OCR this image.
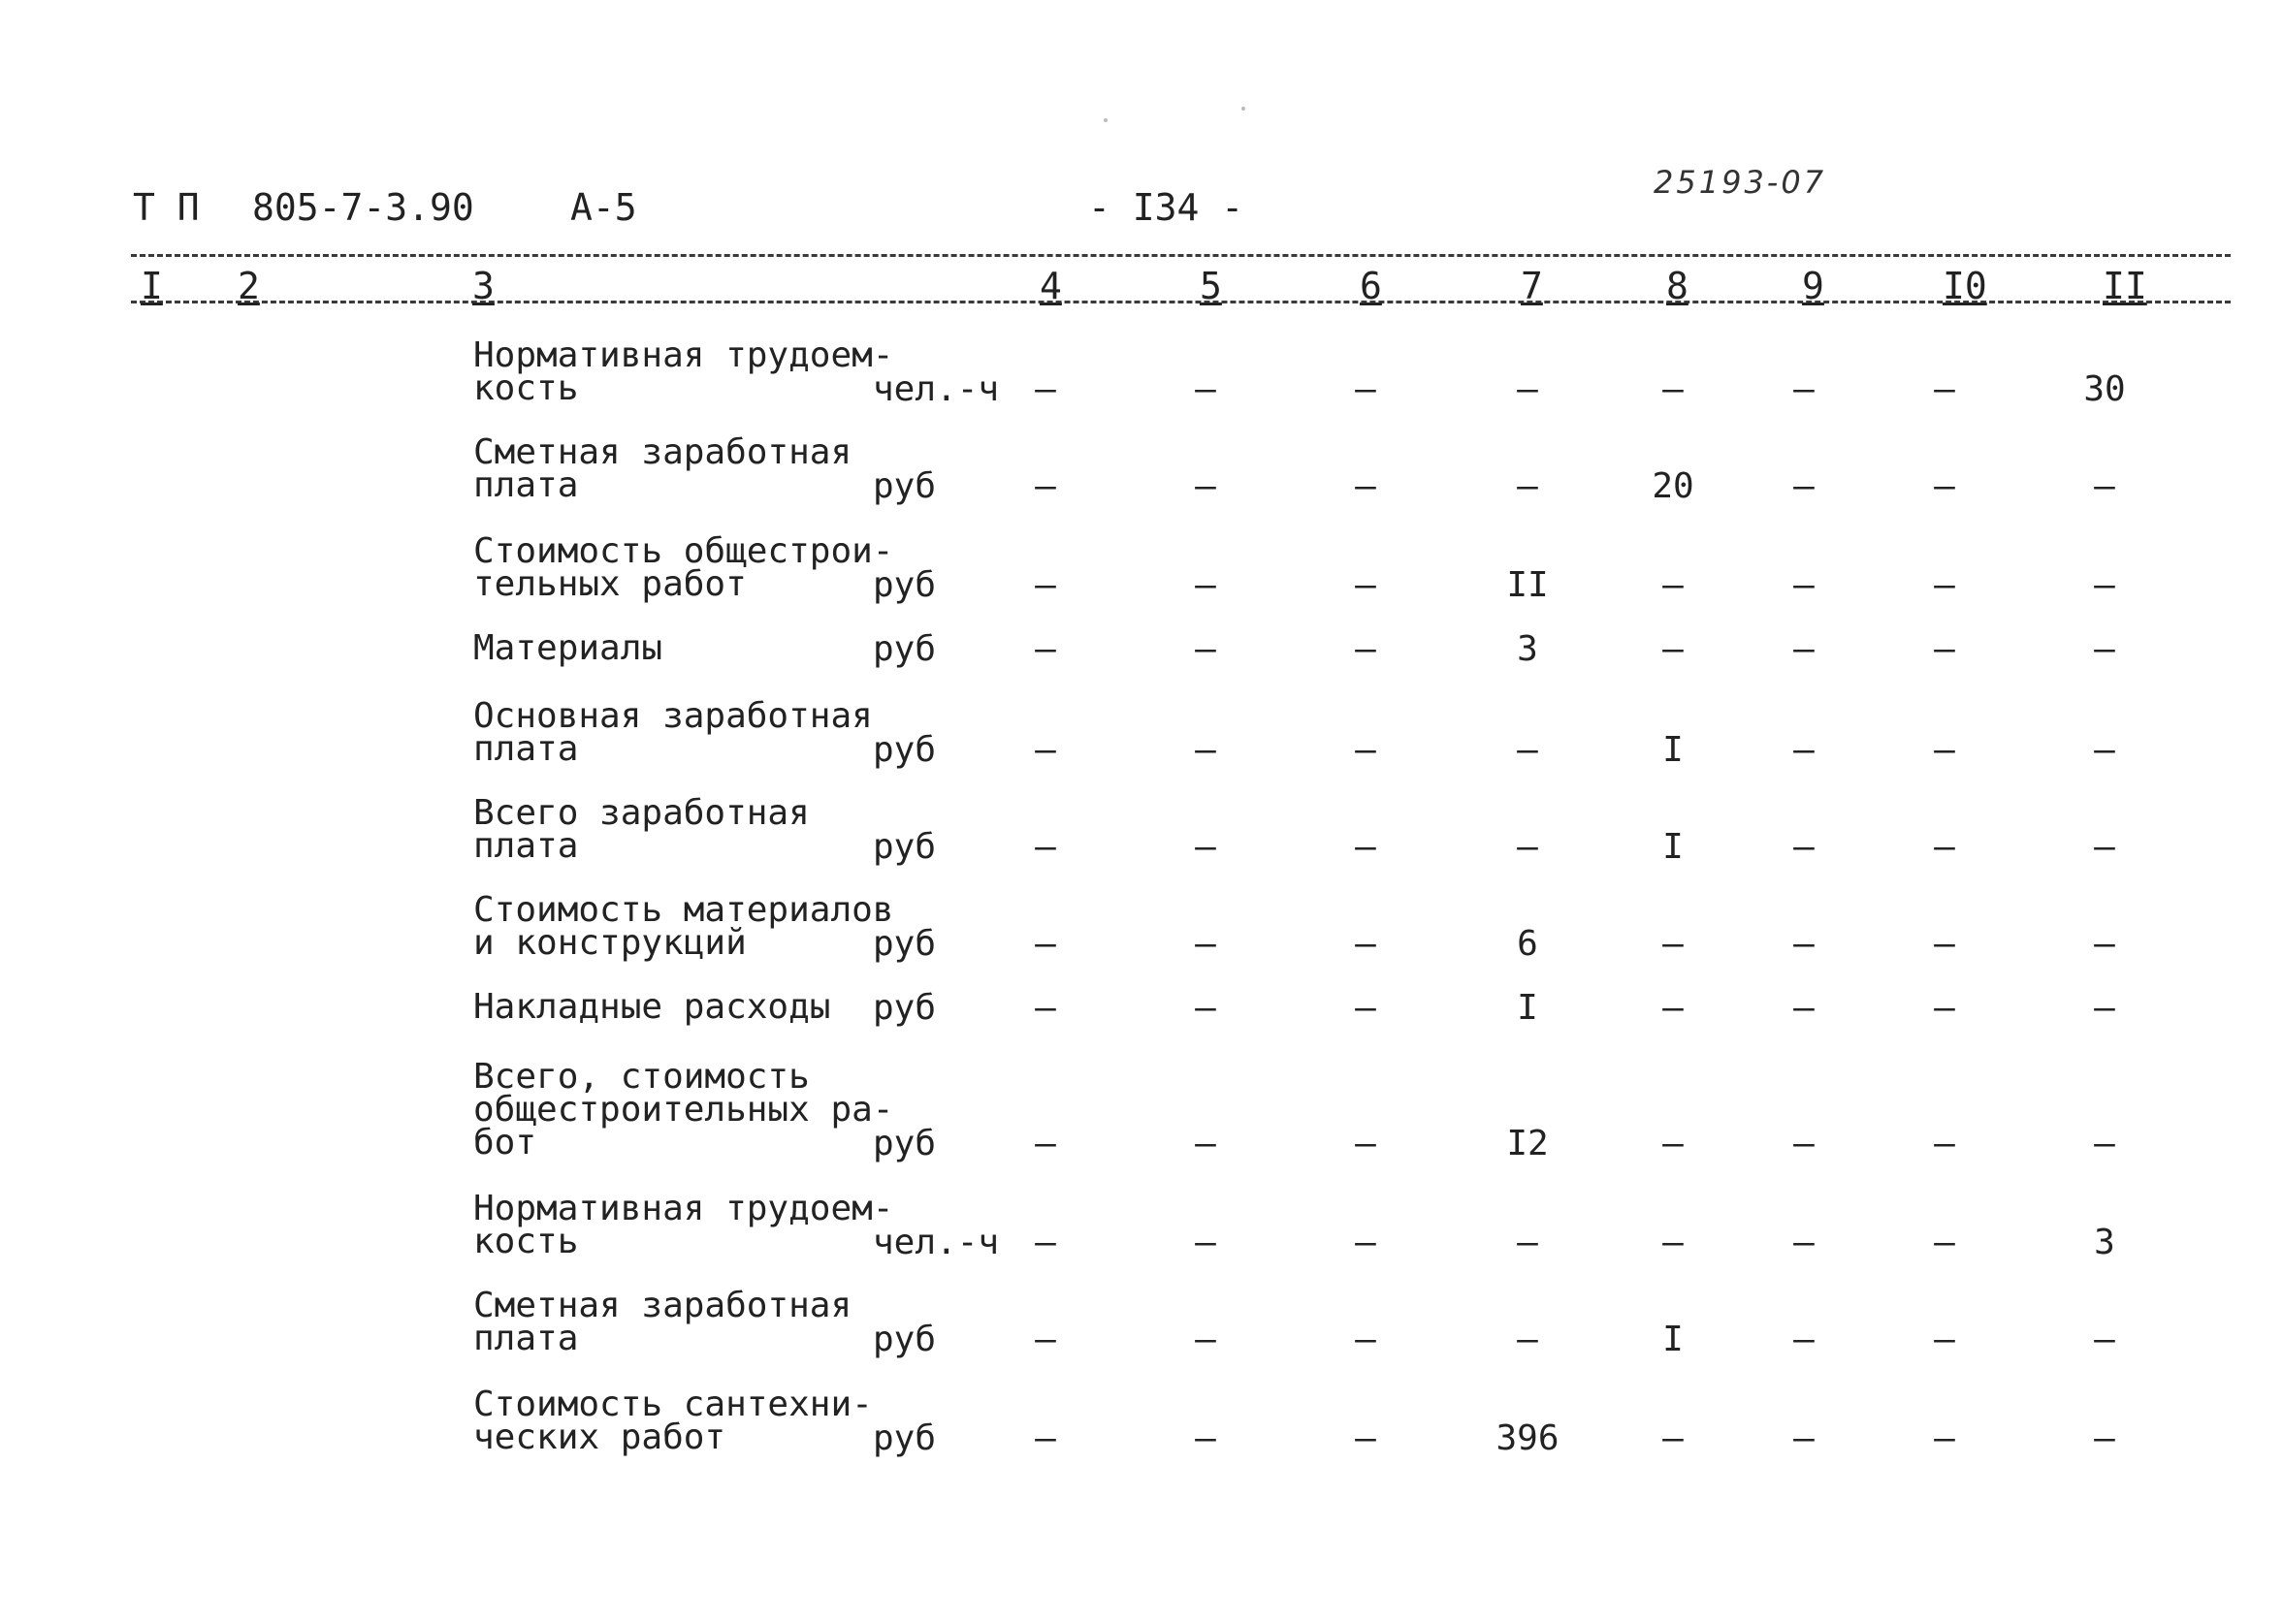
Т П 805-7-3.90	А-5	- I34 -
25193-07
I 2	3	4	5	6	7	8	9	I0	II
Нормативная трудоем-
кость	чел.-ч –	–	–	–	–	–	–	30
Сметная заработная
плата	руб	–	–	–	–	20	–	–	–
Стоимость общестрои-
тельных работ	руб	–	–	–	II	–	–	–	–
Материалы	руб	–	–	–	3	–	–	–	–
Основная заработная
плата	руб	–	–	–	–	I	–	–	–
Всего заработная
плата	руб	–	–	–	–	I	–	–	–
Стоимость материалов
и конструкций	руб	–	–	–	6	–	–	–	–
Накладные расходы руб	–	–	–	I	–	–	–	–
Всего, стоимость
общестроительных ра-
бот	руб	–	–	–	I2	–	–	–	–
Нормативная трудоем-
кость	чел.-ч –	–	–	–	–	–	–	3
Сметная заработная
плата	руб	–	–	–	–	I	–	–	–
Стоимость сантехни-
ческих работ	руб	–	–	–	396	–	–	–	–
